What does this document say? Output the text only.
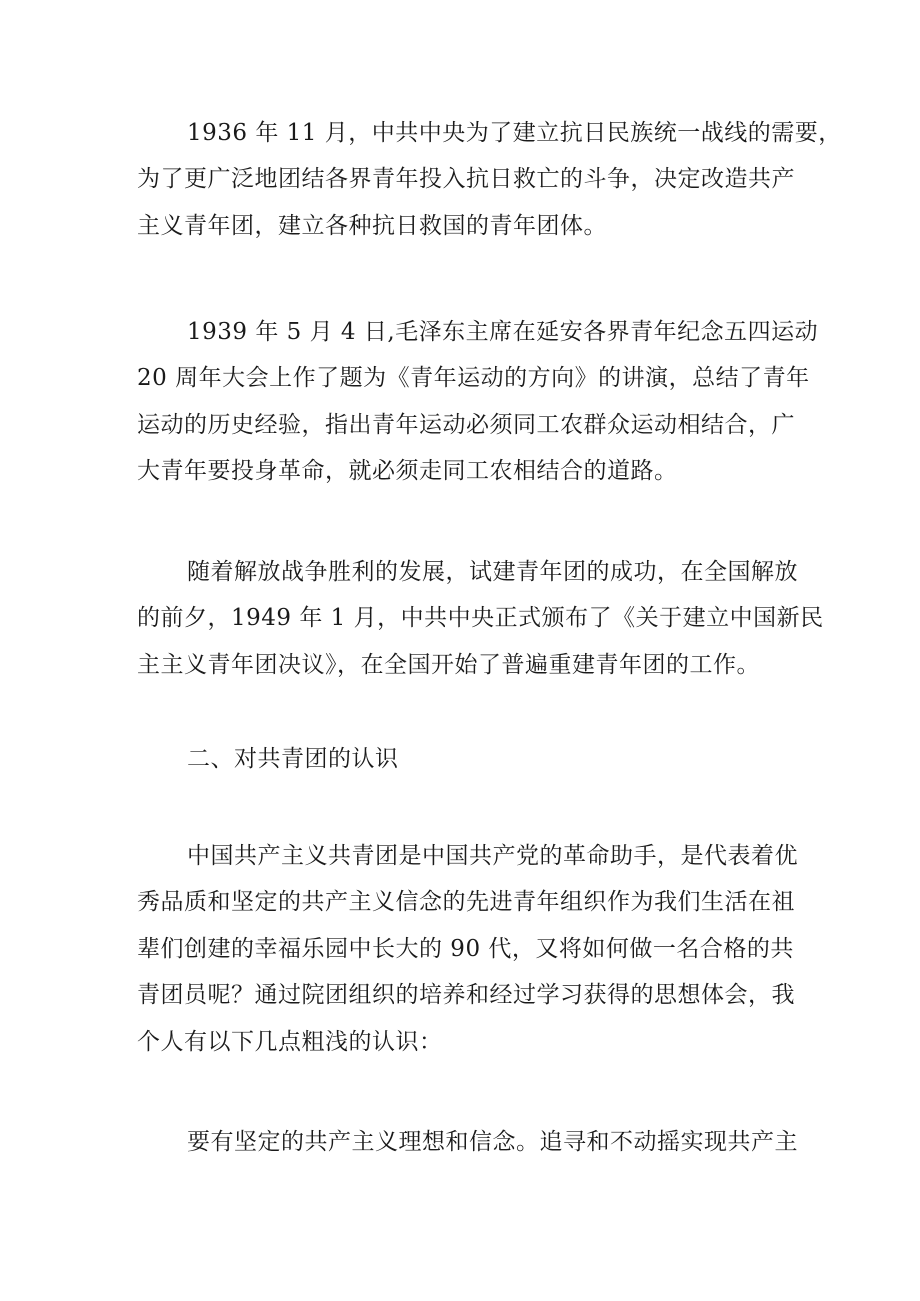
1936 年 11 月，中共中央为了建立抗日民族统一战线的需要，
为了更广泛地团结各界青年投入抗日救亡的斗争，决定改造共产
主义青年团，建立各种抗日救国的青年团体。
1939 年 5 月 4 日,毛泽东主席在延安各界青年纪念五四运动
20 周年大会上作了题为《青年运动的方向》的讲演，总结了青年
运动的历史经验，指出青年运动必须同工农群众运动相结合，广
大青年要投身革命，就必须走同工农相结合的道路。
随着解放战争胜利的发展，试建青年团的成功，在全国解放
的前夕，1949 年 1 月，中共中央正式颁布了《关于建立中国新民
主主义青年团决议》，在全国开始了普遍重建青年团的工作。
二、对共青团的认识
中国共产主义共青团是中国共产党的革命助手，是代表着优
秀品质和坚定的共产主义信念的先进青年组织作为我们生活在祖
辈们创建的幸福乐园中长大的 90 代，又将如何做一名合格的共
青团员呢？通过院团组织的培养和经过学习获得的思想体会，我
个人有以下几点粗浅的认识：
要有坚定的共产主义理想和信念。追寻和不动摇实现共产主
